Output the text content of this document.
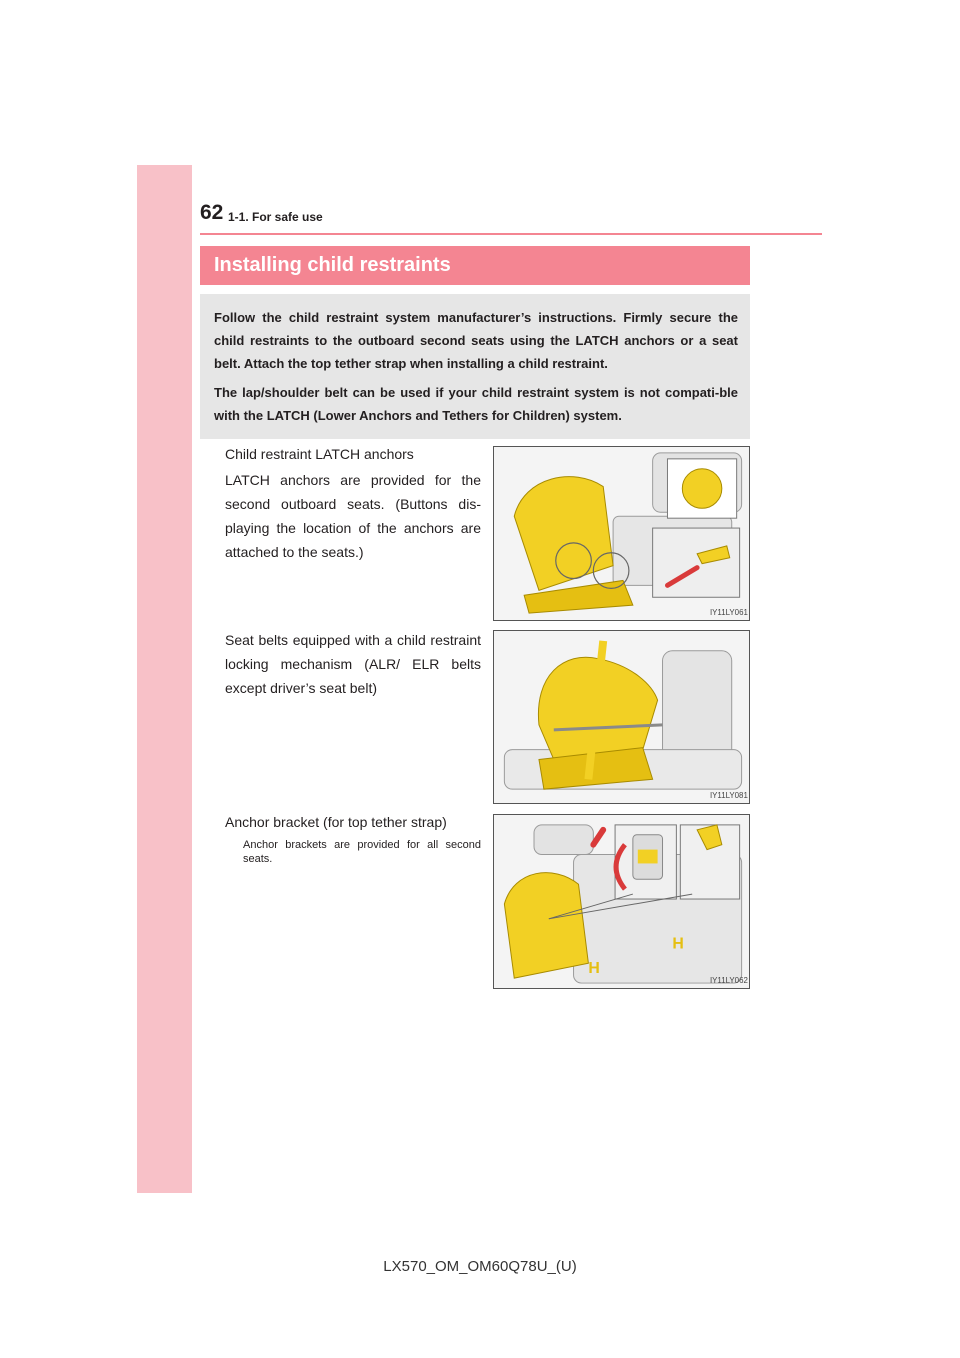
62 1-1. For safe use
Installing child restraints

Follow the child restraint system manufacturer’s instructions. Firmly secure the child restraints to the outboard second seats using the LATCH anchors or a seat belt. Attach the top tether strap when installing a child restraint.

The lap/shoulder belt can be used if your child restraint system is not compati-ble with the LATCH (Lower Anchors and Tethers for Children) system.

Child restraint LATCH anchors
LATCH anchors are provided for the second outboard seats. (Buttons dis-playing the location of the anchors are attached to the seats.)
IY11LY061
Seat belts equipped with a child restraint locking mechanism (ALR/ ELR belts except driver’s seat belt)
IY11LY081
Anchor bracket (for top tether strap)
Anchor brackets are provided for all second seats.
H
H
IY11LY062
LX570_OM_OM60Q78U_(U)
